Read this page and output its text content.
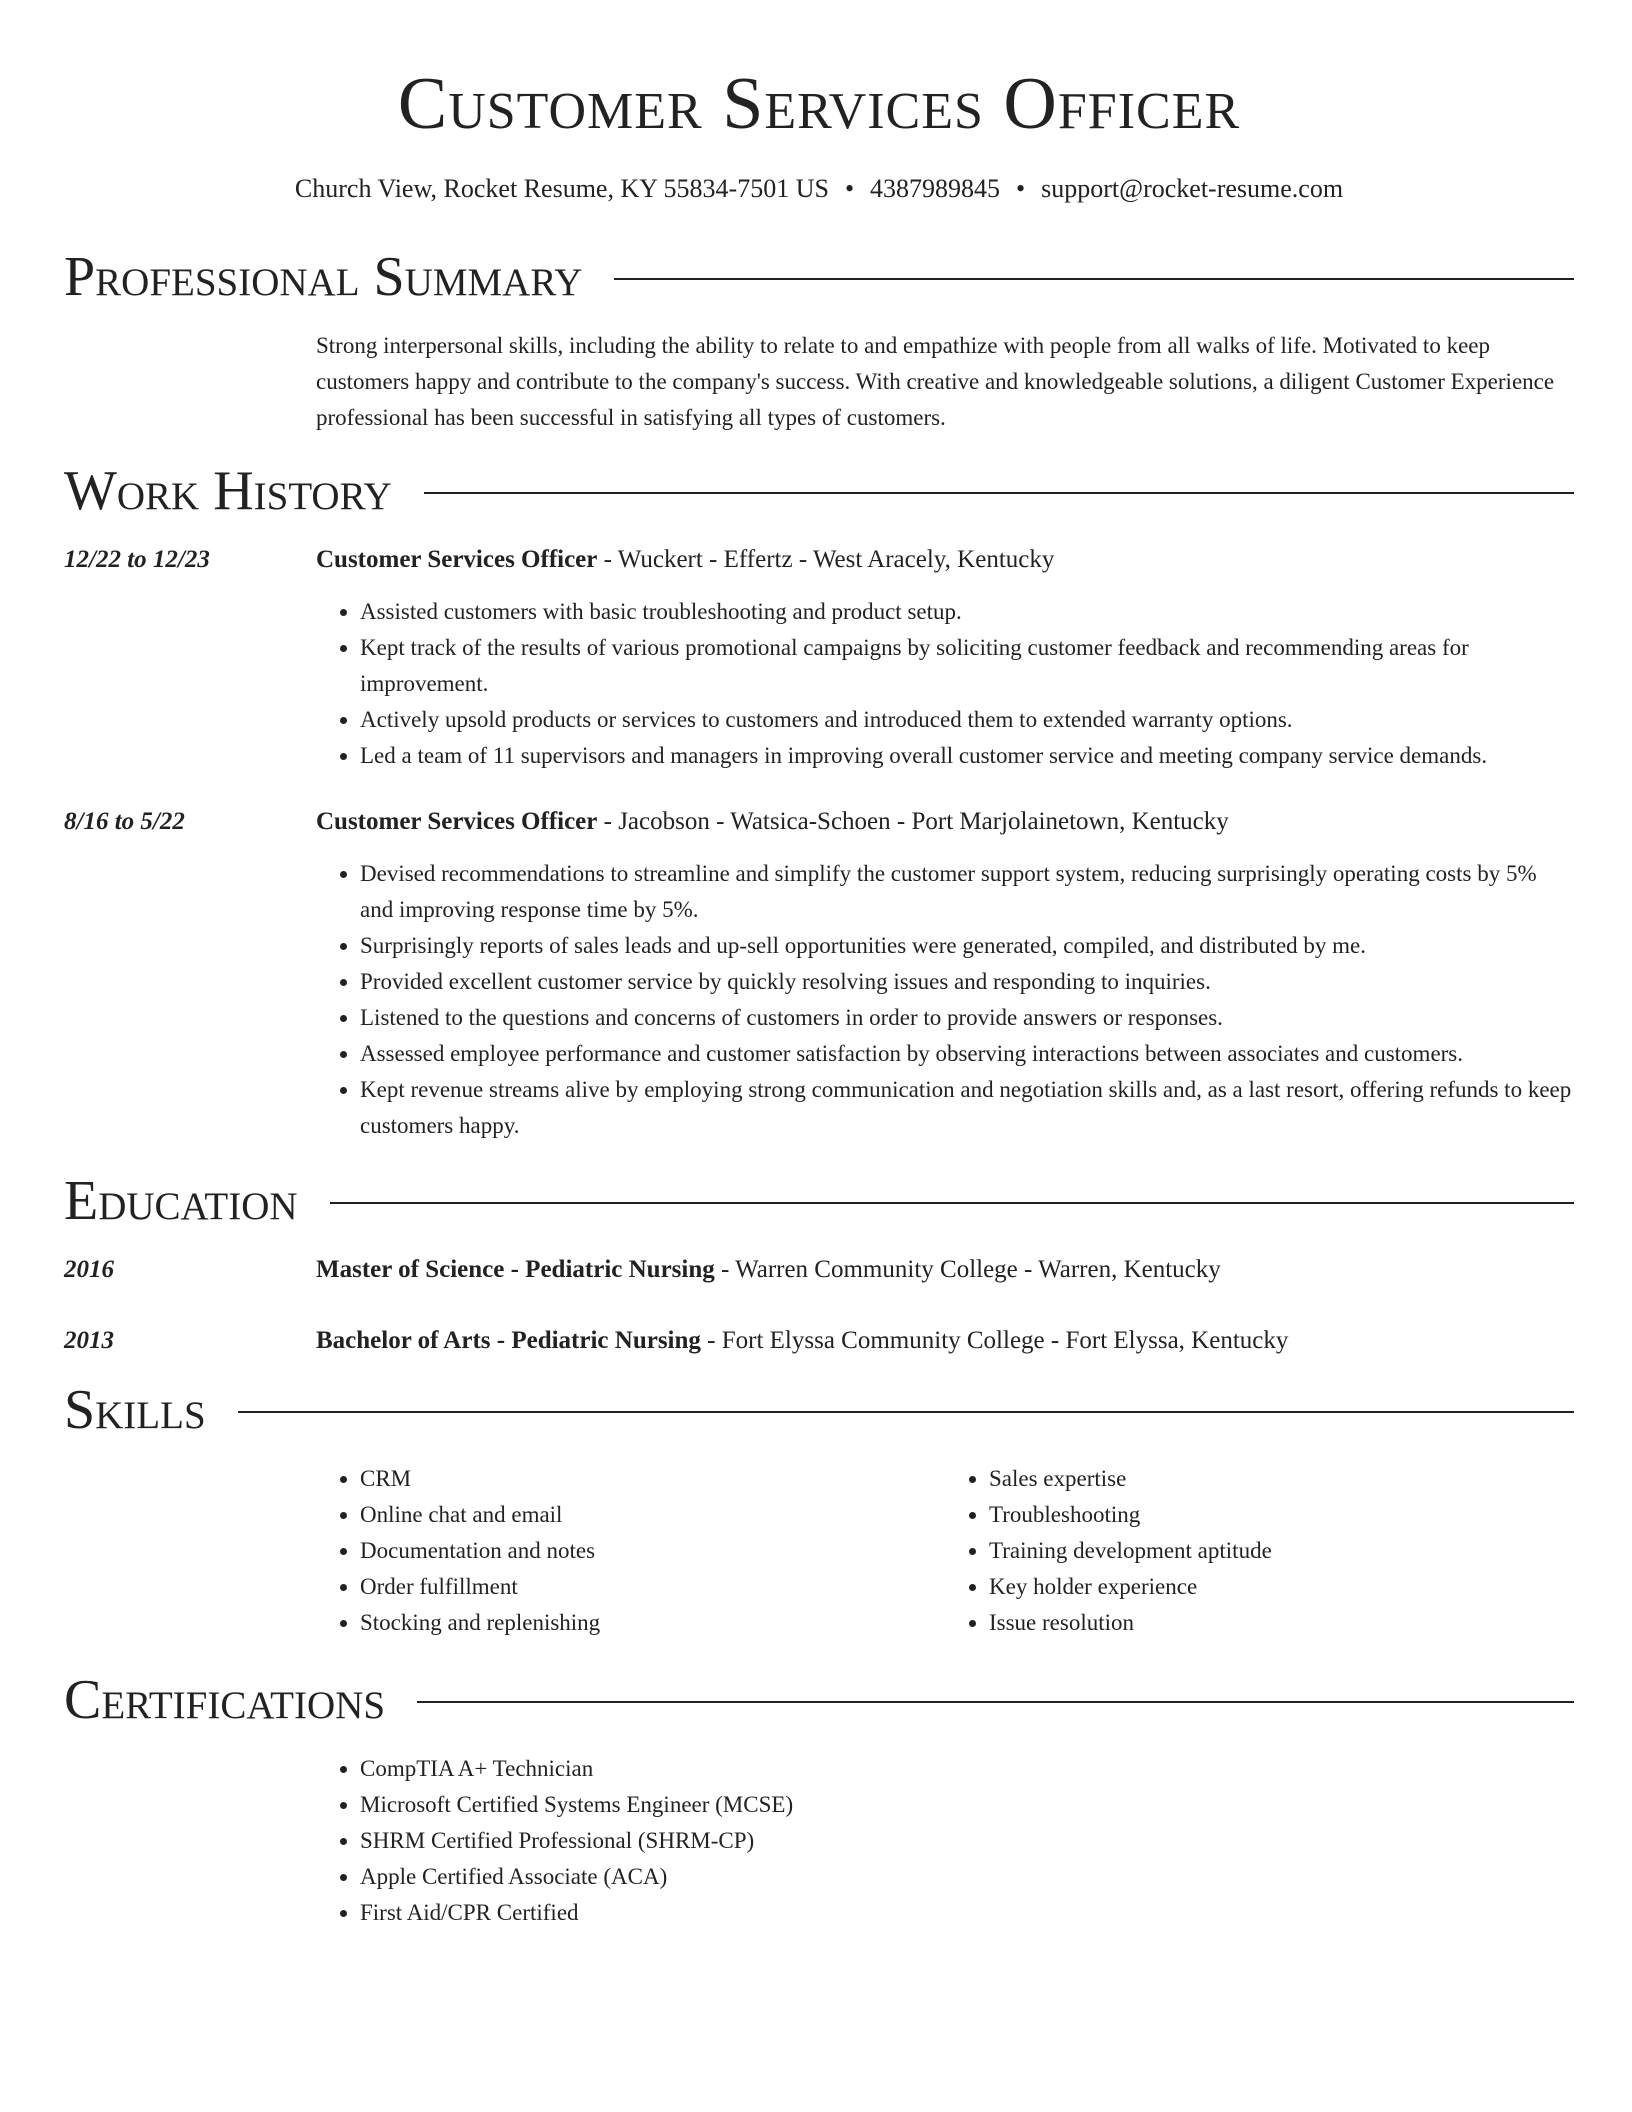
Customer Services Officer
Church View, Rocket Resume, KY 55834-7501 US • 4387989845 • support@rocket-resume.com
Professional Summary
Strong interpersonal skills, including the ability to relate to and empathize with people from all walks of life. Motivated to keep customers happy and contribute to the company's success. With creative and knowledgeable solutions, a diligent Customer Experience professional has been successful in satisfying all types of customers.
Work History
12/22 to 12/23	Customer Services Officer - Wuckert - Effertz - West Aracely, Kentucky
• Assisted customers with basic troubleshooting and product setup.
• Kept track of the results of various promotional campaigns by soliciting customer feedback and recommending areas for improvement.
• Actively upsold products or services to customers and introduced them to extended warranty options.
• Led a team of 11 supervisors and managers in improving overall customer service and meeting company service demands.
8/16 to 5/22	Customer Services Officer - Jacobson - Watsica-Schoen - Port Marjolainetown, Kentucky
• Devised recommendations to streamline and simplify the customer support system, reducing surprisingly operating costs by 5% and improving response time by 5%.
• Surprisingly reports of sales leads and up-sell opportunities were generated, compiled, and distributed by me.
• Provided excellent customer service by quickly resolving issues and responding to inquiries.
• Listened to the questions and concerns of customers in order to provide answers or responses.
• Assessed employee performance and customer satisfaction by observing interactions between associates and customers.
• Kept revenue streams alive by employing strong communication and negotiation skills and, as a last resort, offering refunds to keep customers happy.
Education
2016	Master of Science - Pediatric Nursing - Warren Community College - Warren, Kentucky
2013	Bachelor of Arts - Pediatric Nursing - Fort Elyssa Community College - Fort Elyssa, Kentucky
Skills
• CRM
• Online chat and email
• Documentation and notes
• Order fulfillment
• Stocking and replenishing
• Sales expertise
• Troubleshooting
• Training development aptitude
• Key holder experience
• Issue resolution
Certifications
• CompTIA A+ Technician
• Microsoft Certified Systems Engineer (MCSE)
• SHRM Certified Professional (SHRM-CP)
• Apple Certified Associate (ACA)
• First Aid/CPR Certified
